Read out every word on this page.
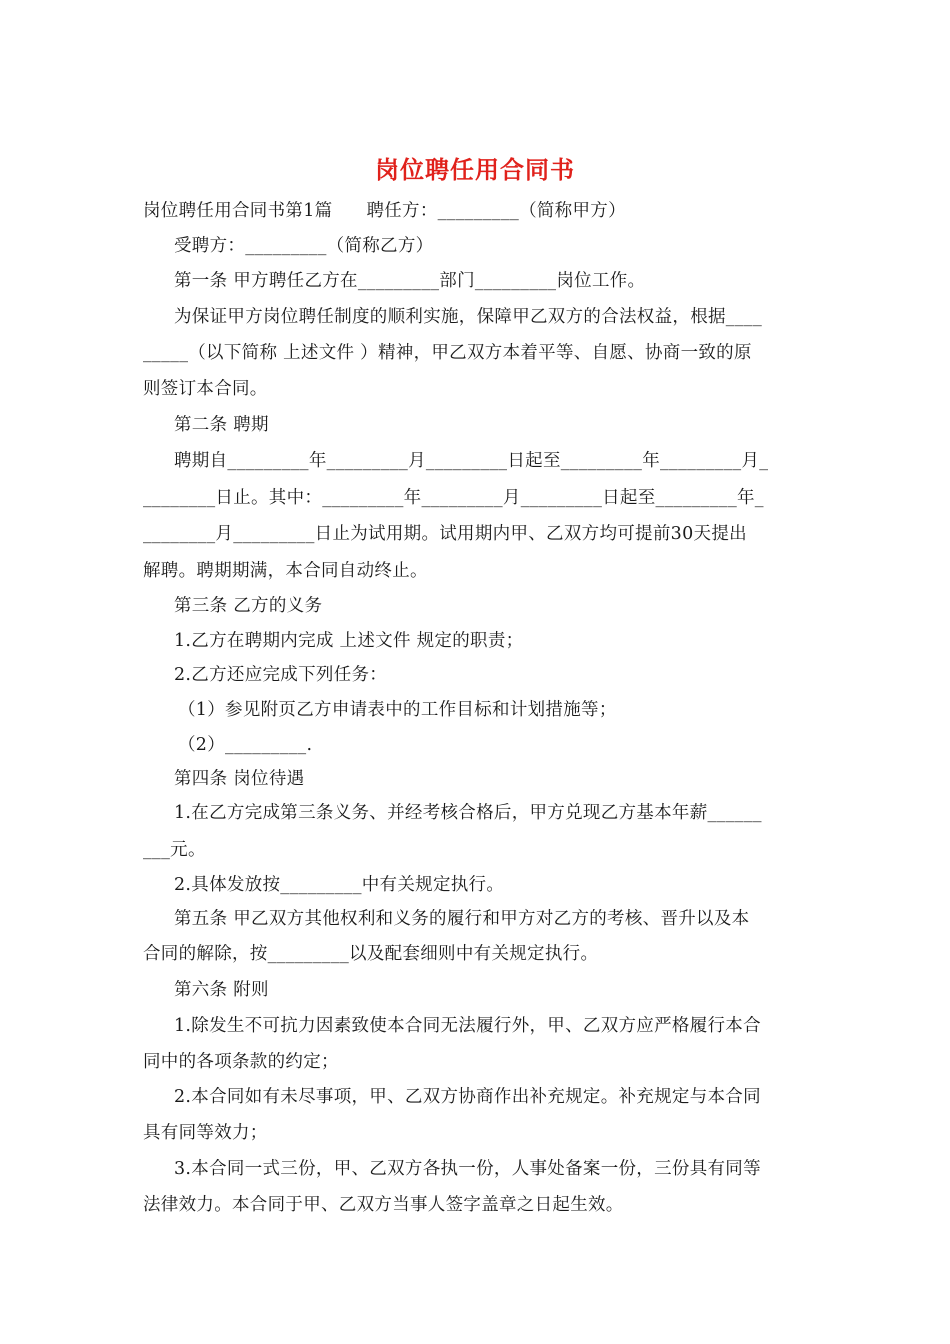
岗位聘任用合同书
岗位聘任用合同书第1篇 聘任方：_________（简称甲方）
受聘方：_________（简称乙方）
第一条 甲方聘任乙方在_________部门_________岗位工作。
为保证甲方岗位聘任制度的顺利实施，保障甲乙双方的合法权益，根据____
_____（以下简称 上述文件 ）精神，甲乙双方本着平等、自愿、协商一致的原
则签订本合同。
第二条 聘期
聘期自_________年_________月_________日起至_________年_________月_
________日止。其中：_________年_________月_________日起至_________年_
________月_________日止为试用期。试用期内甲、乙双方均可提前30天提出
解聘。聘期期满，本合同自动终止。
第三条 乙方的义务
1.乙方在聘期内完成 上述文件 规定的职责；
2.乙方还应完成下列任务：
（1）参见附页乙方申请表中的工作目标和计划措施等；
（2）_________.
第四条 岗位待遇
1.在乙方完成第三条义务、并经考核合格后，甲方兑现乙方基本年薪______
___元。
2.具体发放按_________中有关规定执行。
第五条 甲乙双方其他权利和义务的履行和甲方对乙方的考核、晋升以及本
合同的解除，按_________以及配套细则中有关规定执行。
第六条 附则
1.除发生不可抗力因素致使本合同无法履行外，甲、乙双方应严格履行本合
同中的各项条款的约定；
2.本合同如有未尽事项，甲、乙双方协商作出补充规定。补充规定与本合同
具有同等效力；
3.本合同一式三份，甲、乙双方各执一份，人事处备案一份，三份具有同等
法律效力。本合同于甲、乙双方当事人签字盖章之日起生效。
